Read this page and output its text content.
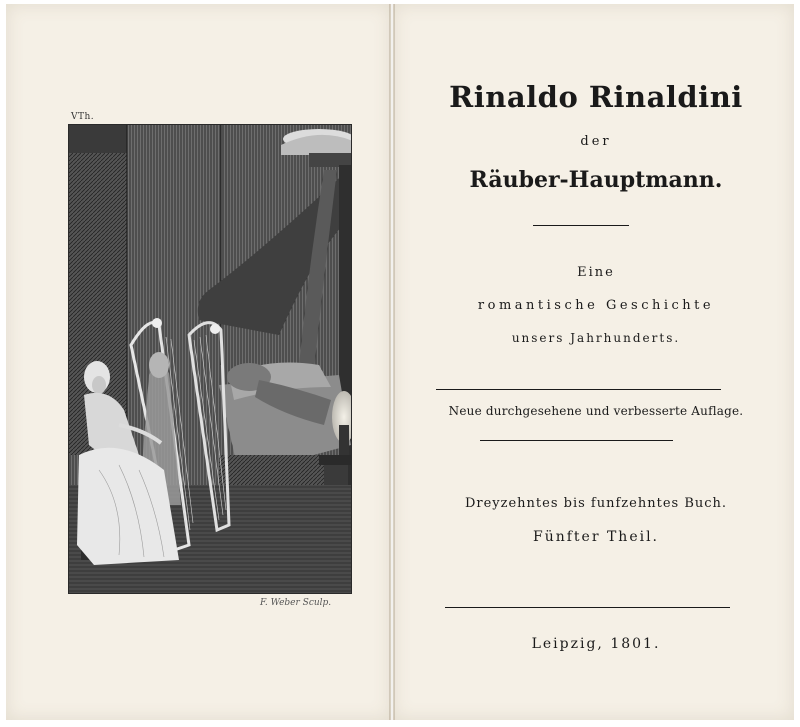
VTh.
F. Weber Sculp.
Rinaldo Rinaldini
der
Räuber-Hauptmann.
Eine
romantische Geschichte
unsers Jahrhunderts.
Neue durchgesehene und verbesserte Auflage.
Dreyzehntes bis funfzehntes Buch.
Fünfter Theil.
Leipzig, 1801.
